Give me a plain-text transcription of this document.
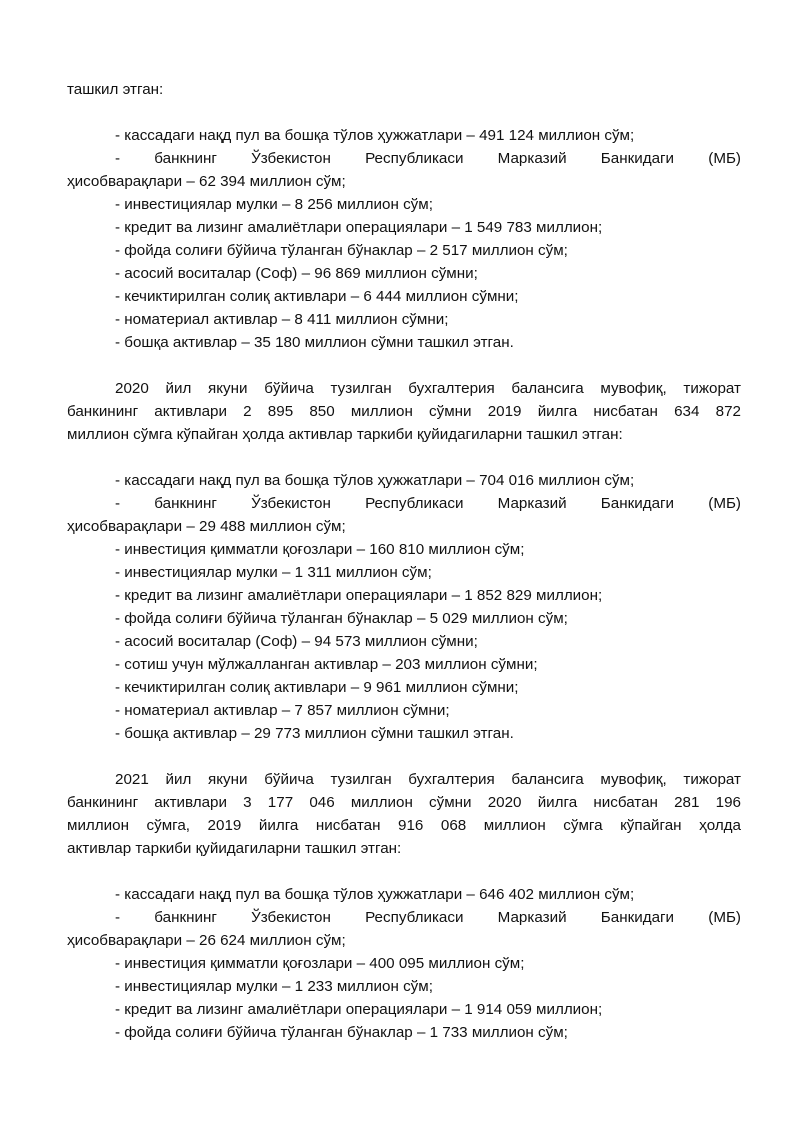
ташкил этган:

- кассадаги нақд пул ва бошқа тўлов ҳужжатлари – 491 124 миллион сўм;

- банкнинг Ўзбекистон Республикаси Марказий Банкидаги (МБ)

ҳисобварақлари – 62 394 миллион сўм;

- инвестициялар мулки – 8 256 миллион сўм;

- кредит ва лизинг амалиётлари операциялари – 1 549 783 миллион;

- фойда солиғи бўйича тўланган бўнаклар – 2 517 миллион сўм;

- асосий воситалар (Соф) – 96 869 миллион сўмни;

- кечиктирилган солиқ активлари – 6 444 миллион сўмни;

- номатериал активлар – 8 411 миллион сўмни;

- бошқа активлар – 35 180 миллион сўмни ташкил этган.

2020 йил якуни бўйича тузилган бухгалтерия балансига мувофиқ, тижорат

банкининг активлари 2 895 850 миллион сўмни 2019 йилга нисбатан 634 872

миллион сўмга кўпайган ҳолда активлар таркиби қуйидагиларни ташкил этган:

- кассадаги нақд пул ва бошқа тўлов ҳужжатлари – 704 016 миллион сўм;

- банкнинг Ўзбекистон Республикаси Марказий Банкидаги (МБ)

ҳисобварақлари – 29 488 миллион сўм;

- инвестиция қимматли қоғозлари – 160 810 миллион сўм;

- инвестициялар мулки – 1 311 миллион сўм;

- кредит ва лизинг амалиётлари операциялари – 1 852 829 миллион;

- фойда солиғи бўйича тўланган бўнаклар – 5 029 миллион сўм;

- асосий воситалар (Соф) – 94 573 миллион сўмни;

- сотиш учун мўлжалланган активлар – 203 миллион сўмни;

- кечиктирилган солиқ активлари – 9 961 миллион сўмни;

- номатериал активлар – 7 857 миллион сўмни;

- бошқа активлар – 29 773 миллион сўмни ташкил этган.

2021 йил якуни бўйича тузилган бухгалтерия балансига мувофиқ, тижорат

банкининг активлари 3 177 046 миллион сўмни 2020 йилга нисбатан 281 196

миллион сўмга, 2019 йилга нисбатан 916 068 миллион сўмга кўпайган ҳолда

активлар таркиби қуйидагиларни ташкил этган:

- кассадаги нақд пул ва бошқа тўлов ҳужжатлари – 646 402 миллион сўм;

- банкнинг Ўзбекистон Республикаси Марказий Банкидаги (МБ)

ҳисобварақлари – 26 624 миллион сўм;

- инвестиция қимматли қоғозлари – 400 095 миллион сўм;

- инвестициялар мулки – 1 233 миллион сўм;

- кредит ва лизинг амалиётлари операциялари – 1 914 059 миллион;

- фойда солиғи бўйича тўланган бўнаклар – 1 733 миллион сўм;
